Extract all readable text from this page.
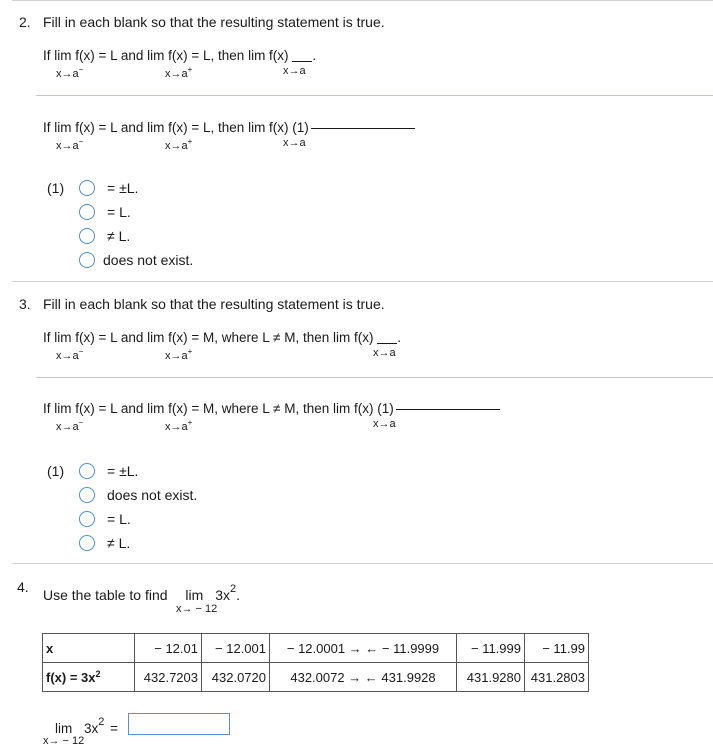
2. Fill in each blank so that the resulting statement is true.
If lim f(x) = L and lim f(x) = L, then lim f(x) .
x→a−	x→a+	x→a
If lim f(x) = L and lim f(x) = L, then lim f(x) (1)
x→a−	x→a+	x→a
(1)	= ±L.
= L.
≠ L.
does not exist.
3. Fill in each blank so that the resulting statement is true.
If lim f(x) = L and lim f(x) = M, where L ≠ M, then lim f(x) .
x→a−	x→a+	x→a
If lim f(x) = L and lim f(x) = M, where L ≠ M, then lim f(x) (1)
x→a−	x→a+	x→a
(1)	= ±L.
does not exist.
= L.
≠ L.
4. Use the table to find $\lim 3x^2$.
x→ − 12
x	− 12.01	− 12.001	− 12.0001 → ← − 11.9999	− 11.999	− 11.99
$f(x) = 3x^2$	432.7203	432.0720	432.0072 → ← 431.9928	431.9280	431.2803
$\lim 3x^2$ =
x→ − 12
